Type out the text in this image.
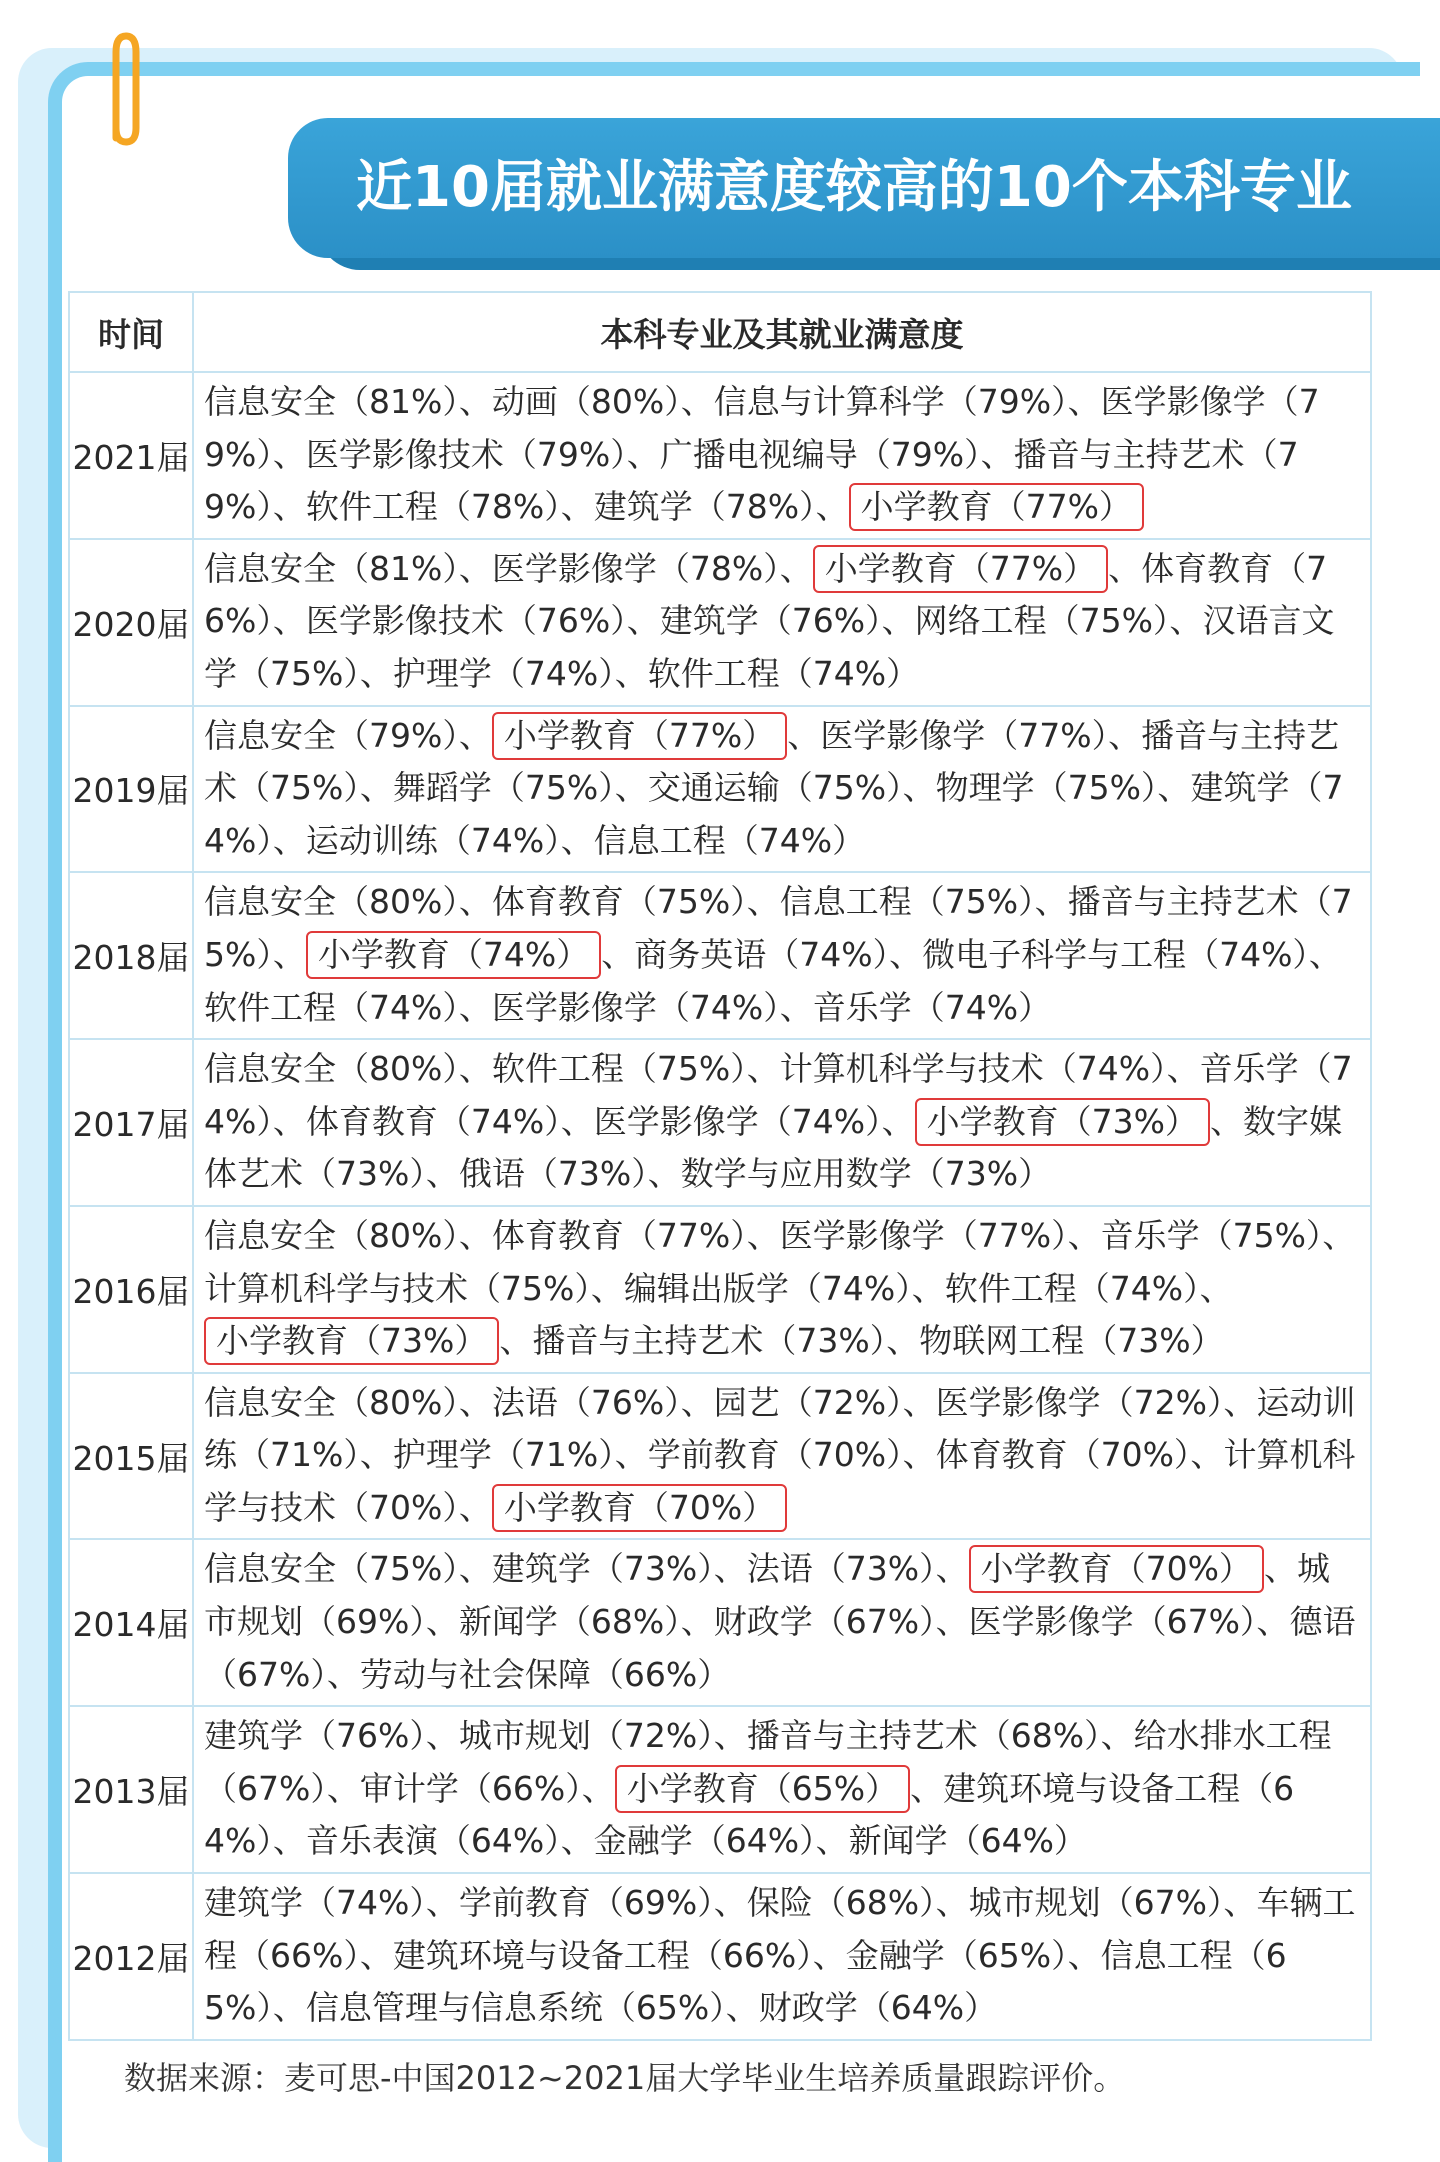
近10届就业满意度较高的10个本科专业
时间	本科专业及其就业满意度
2021届	信息安全（81%）、动画（80%）、信息与计算科学（79%）、医学影像学（79%）、医学影像技术（79%）、广播电视编导（79%）、播音与主持艺术（79%）、软件工程（78%）、建筑学（78%）、 小学教育（77%）
2020届	信息安全（81%）、医学影像学（78%）、 小学教育（77%） 、体育教育（76%）、医学影像技术（76%）、建筑学（76%）、网络工程（75%）、汉语言文学（75%）、护理学（74%）、软件工程（74%）
2019届	信息安全（79%）、 小学教育（77%） 、医学影像学（77%）、播音与主持艺术（75%）、舞蹈学（75%）、交通运输（75%）、物理学（75%）、建筑学（74%）、运动训练（74%）、信息工程（74%）
2018届	信息安全（80%）、体育教育（75%）、信息工程（75%）、播音与主持艺术（75%）、 小学教育（74%） 、商务英语（74%）、微电子科学与工程（74%）、软件工程（74%）、医学影像学（74%）、音乐学（74%）
2017届	信息安全（80%）、软件工程（75%）、计算机科学与技术（74%）、音乐学（74%）、体育教育（74%）、医学影像学（74%）、 小学教育（73%） 、数字媒体艺术（73%）、俄语（73%）、数学与应用数学（73%）
2016届	信息安全（80%）、体育教育（77%）、医学影像学（77%）、音乐学（75%）、计算机科学与技术（75%）、编辑出版学（74%）、软件工程（74%）、小学教育（73%） 、播音与主持艺术（73%）、物联网工程（73%）
2015届	信息安全（80%）、法语（76%）、园艺（72%）、医学影像学（72%）、运动训练（71%）、护理学（71%）、学前教育（70%）、体育教育（70%）、计算机科学与技术（70%）、 小学教育（70%）
2014届	信息安全（75%）、建筑学（73%）、法语（73%）、 小学教育（70%） 、城市规划（69%）、新闻学（68%）、财政学（67%）、医学影像学（67%）、德语（67%）、劳动与社会保障（66%）
2013届	建筑学（76%）、城市规划（72%）、播音与主持艺术（68%）、给水排水工程（67%）、审计学（66%）、 小学教育（65%） 、建筑环境与设备工程（64%）、音乐表演（64%）、金融学（64%）、新闻学（64%）
2012届	建筑学（74%）、学前教育（69%）、保险（68%）、城市规划（67%）、车辆工程（66%）、建筑环境与设备工程（66%）、金融学（65%）、信息工程（65%）、信息管理与信息系统（65%）、财政学（64%）
数据来源：麦可思-中国2012~2021届大学毕业生培养质量跟踪评价。
